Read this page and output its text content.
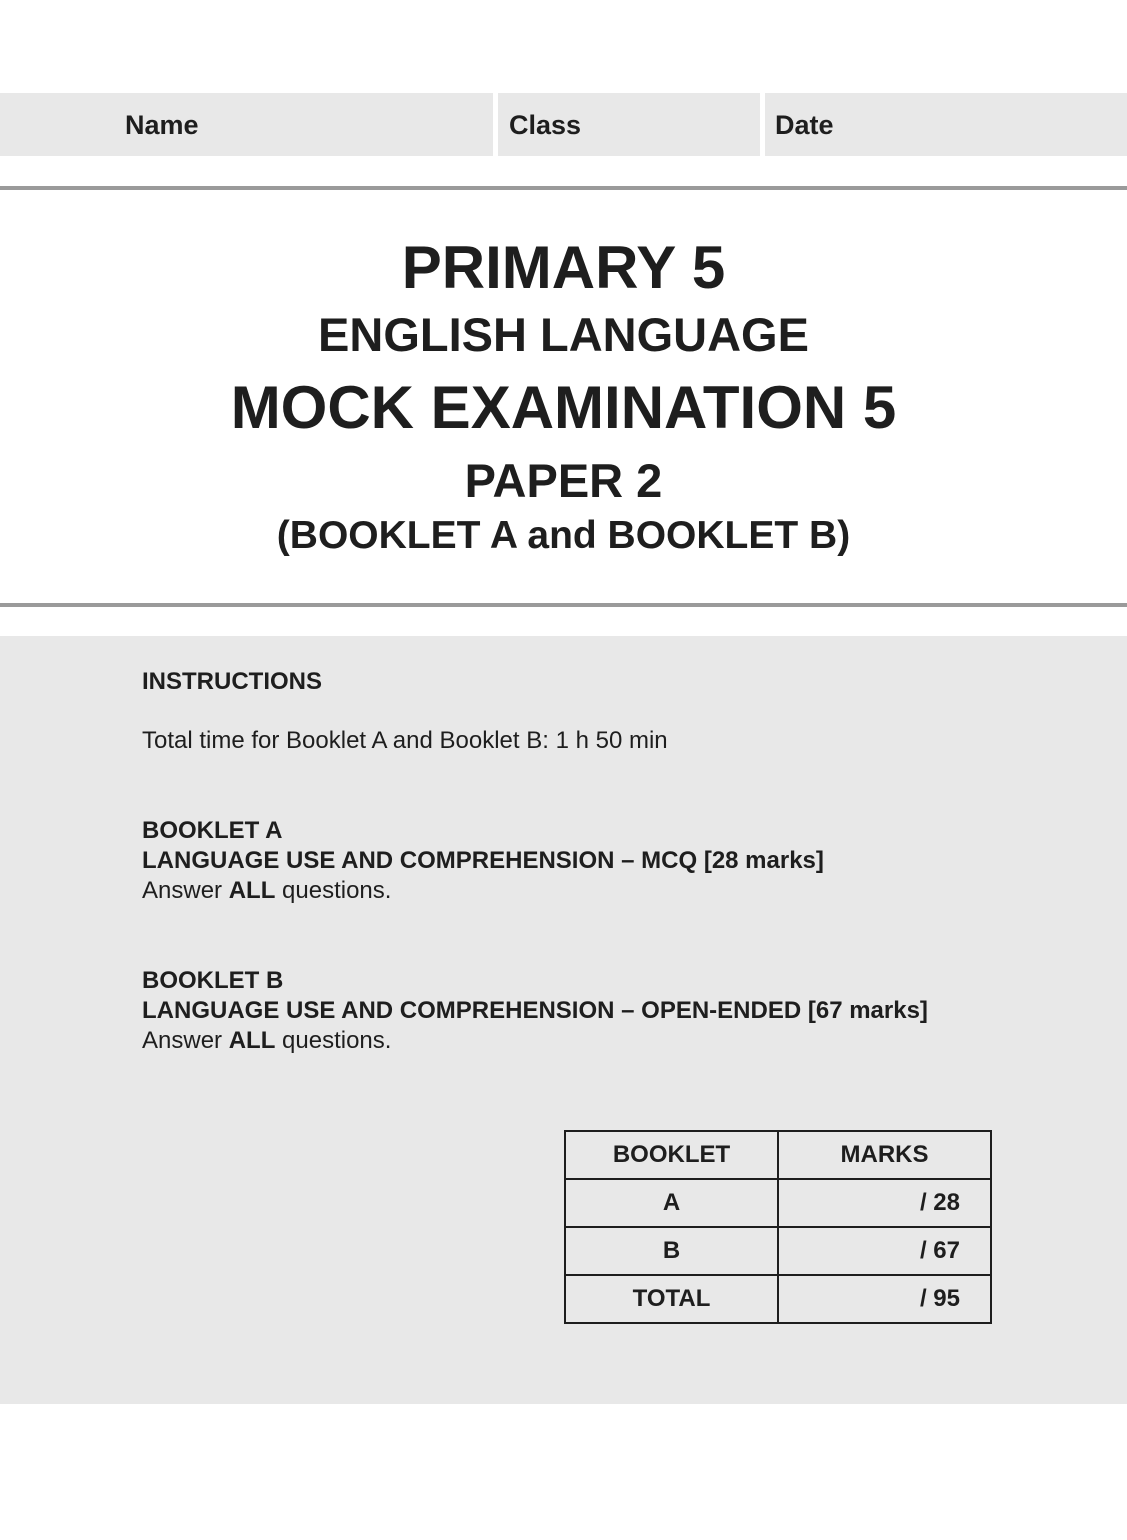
Name	Class	Date
PRIMARY 5
ENGLISH LANGUAGE
MOCK EXAMINATION 5
PAPER 2
(BOOKLET A and BOOKLET B)
INSTRUCTIONS
Total time for Booklet A and Booklet B: 1 h 50 min
BOOKLET A
LANGUAGE USE AND COMPREHENSION – MCQ [28 marks]
Answer ALL questions.
BOOKLET B
LANGUAGE USE AND COMPREHENSION – OPEN-ENDED [67 marks]
Answer ALL questions.
BOOKLET	MARKS
A	/ 28
B	/ 67
TOTAL	/ 95
